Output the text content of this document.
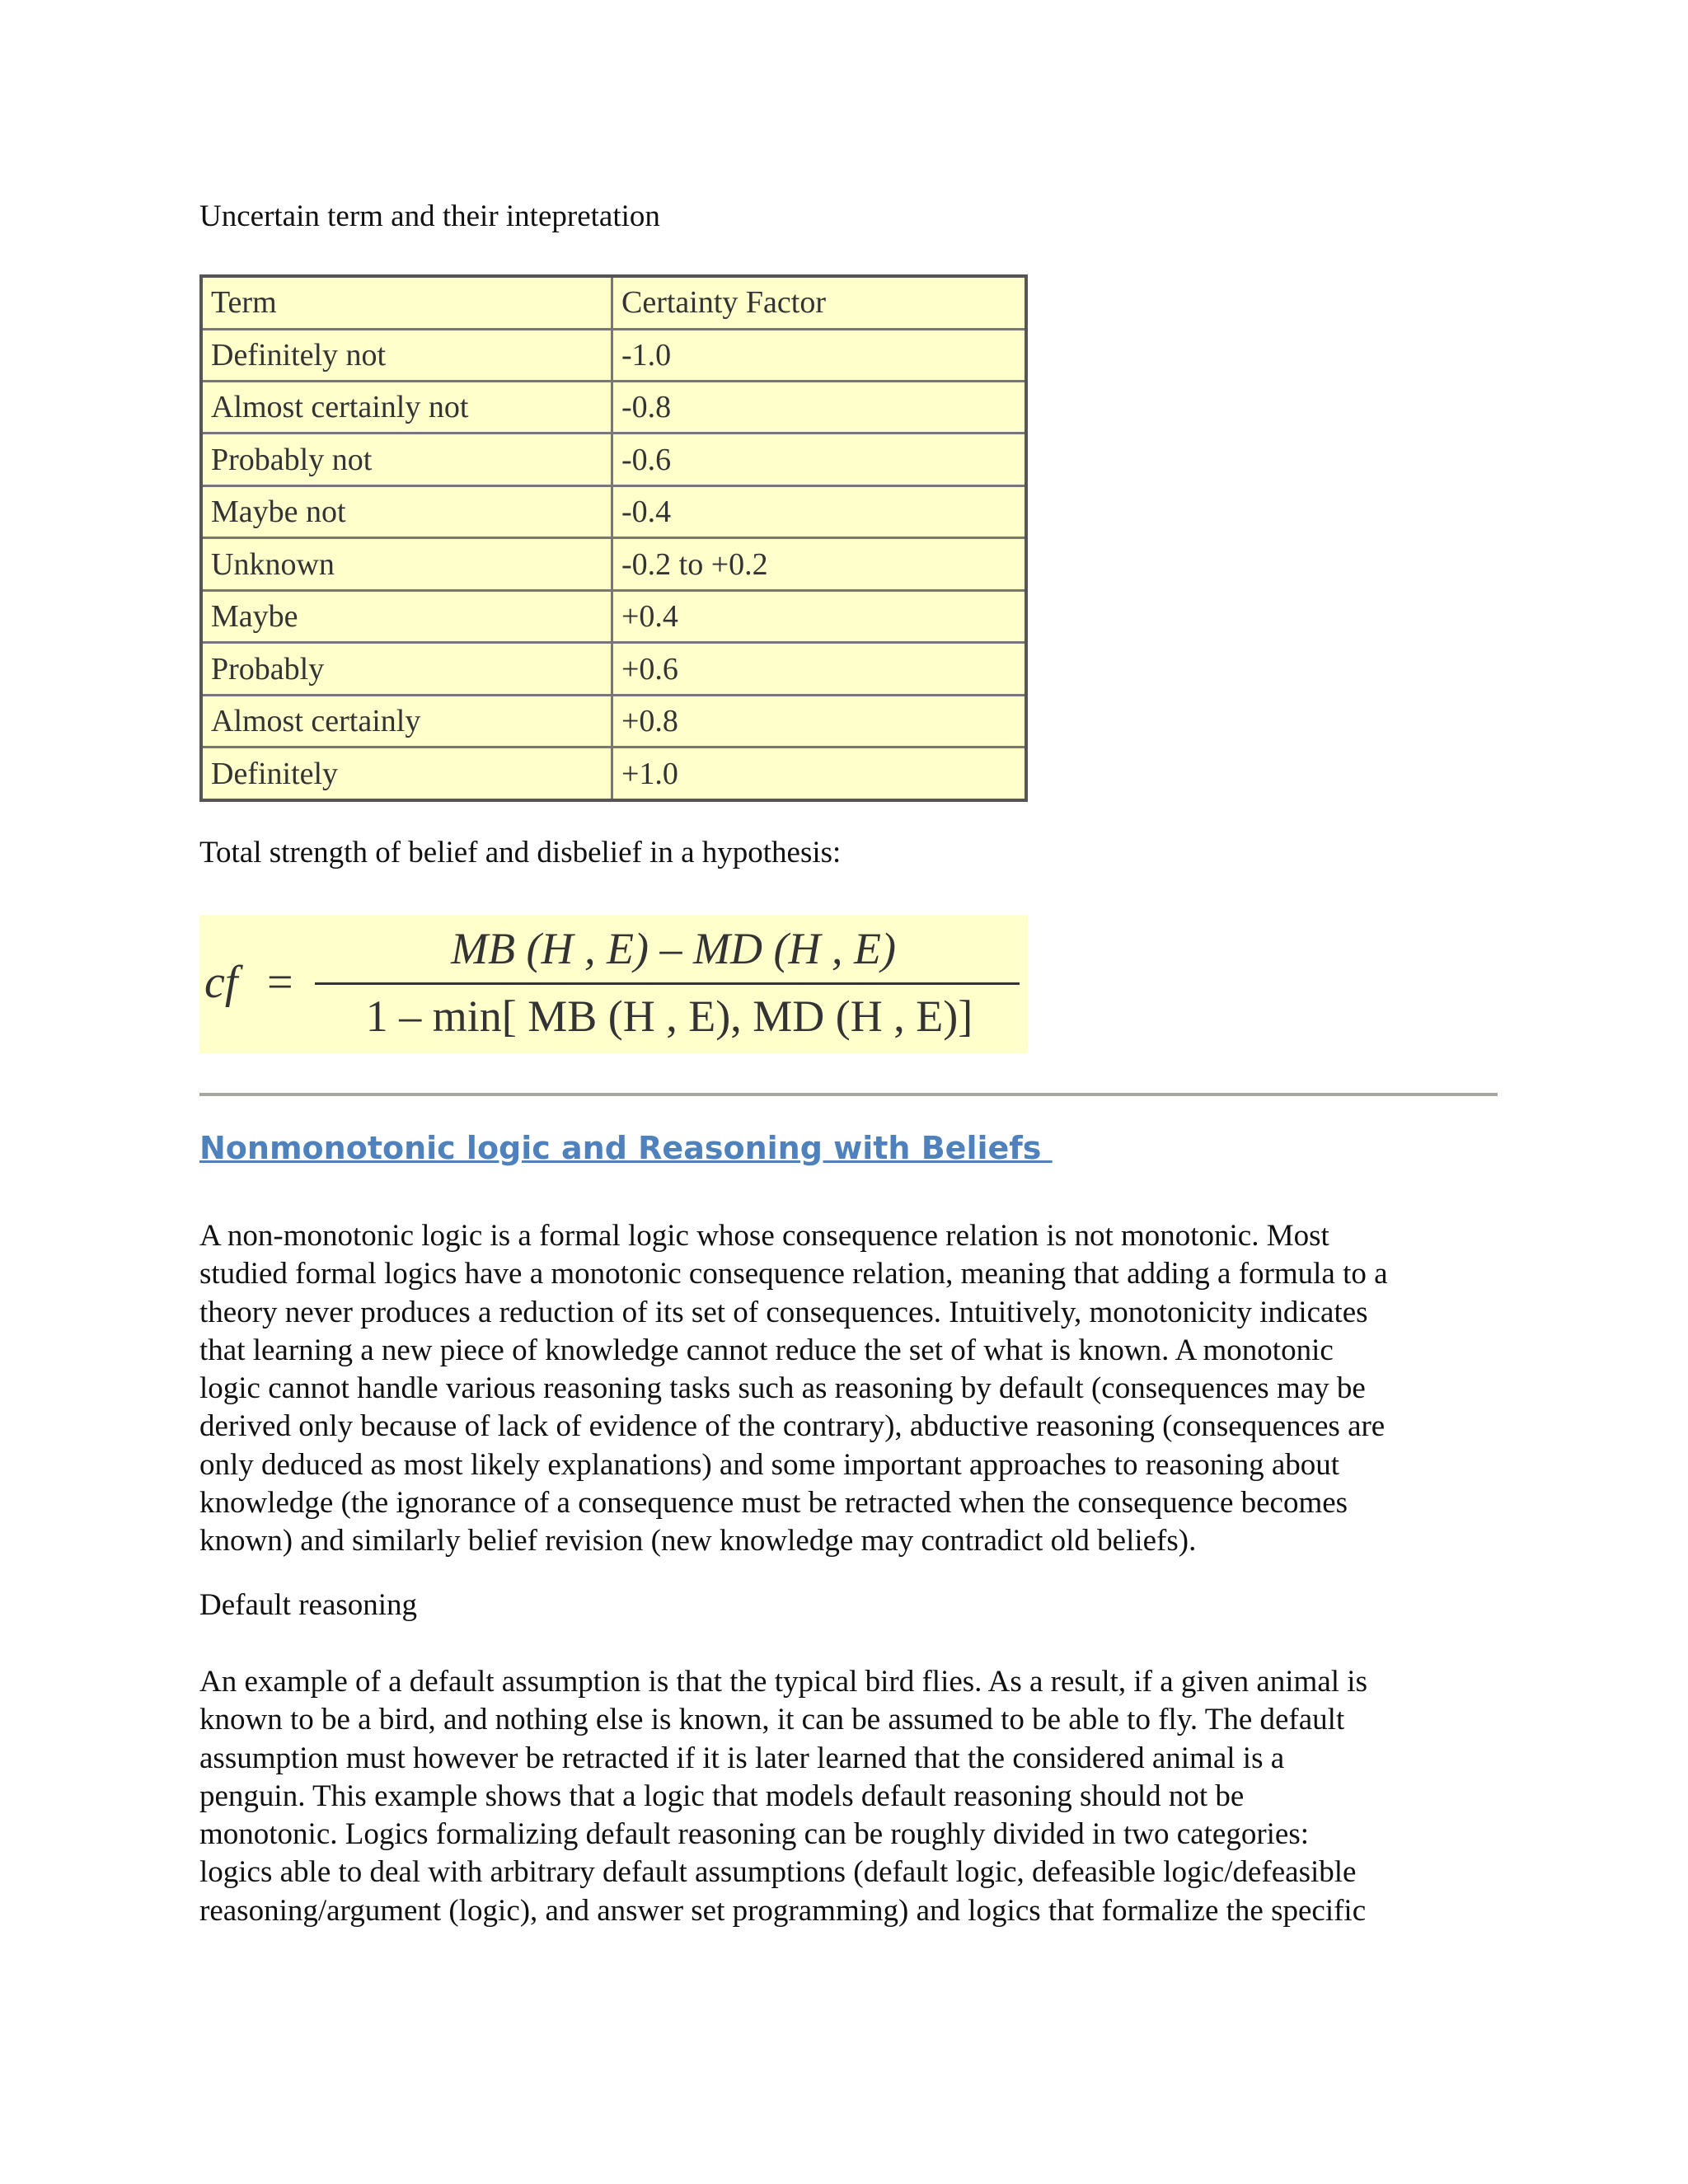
Uncertain term and their intepretation

Term	Certainty Factor
Definitely not	-1.0
Almost certainly not	-0.8
Probably not	-0.6
Maybe not	-0.4
Unknown	-0.2 to +0.2
Maybe	+0.4
Probably	+0.6
Almost certainly	+0.8
Definitely	+1.0

Total strength of belief and disbelief in a hypothesis:

cf =
MB (H , E) – MD (H , E)
1 – min[ MB (H , E), MD (H , E)]
Nonmonotonic logic and Reasoning with Beliefs
A non-monotonic logic is a formal logic whose consequence relation is not monotonic. Most
studied formal logics have a monotonic consequence relation, meaning that adding a formula to a
theory never produces a reduction of its set of consequences. Intuitively, monotonicity indicates
that learning a new piece of knowledge cannot reduce the set of what is known. A monotonic
logic cannot handle various reasoning tasks such as reasoning by default (consequences may be
derived only because of lack of evidence of the contrary), abductive reasoning (consequences are
only deduced as most likely explanations) and some important approaches to reasoning about
knowledge (the ignorance of a consequence must be retracted when the consequence becomes
known) and similarly belief revision (new knowledge may contradict old beliefs).

Default reasoning

An example of a default assumption is that the typical bird flies. As a result, if a given animal is
known to be a bird, and nothing else is known, it can be assumed to be able to fly. The default
assumption must however be retracted if it is later learned that the considered animal is a
penguin. This example shows that a logic that models default reasoning should not be
monotonic. Logics formalizing default reasoning can be roughly divided in two categories:
logics able to deal with arbitrary default assumptions (default logic, defeasible logic/defeasible
reasoning/argument (logic), and answer set programming) and logics that formalize the specific
